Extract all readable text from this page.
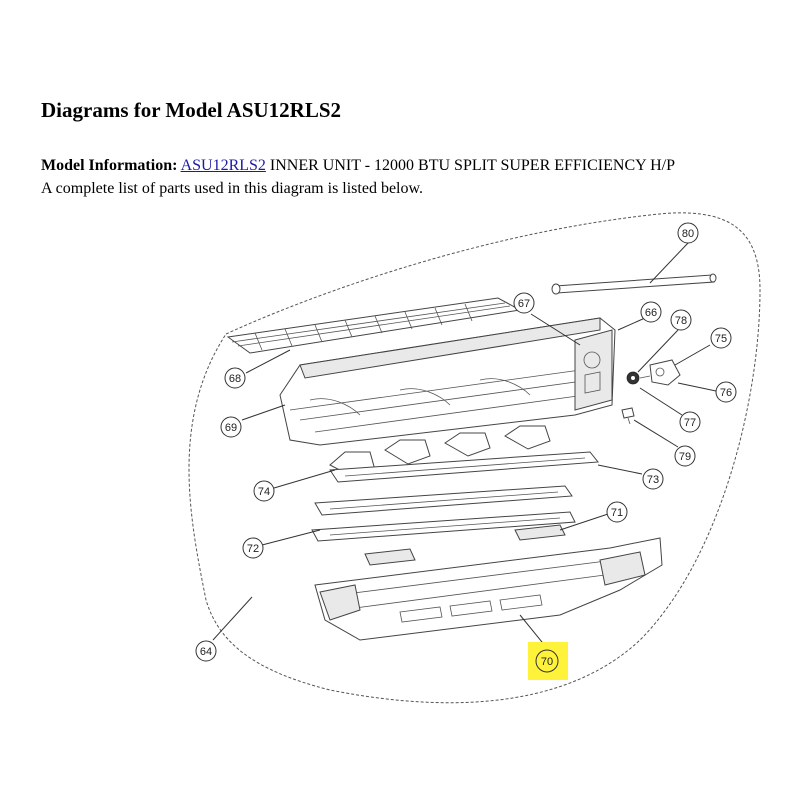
Diagrams for Model ASU12RLS2
Model Information: ASU12RLS2 INNER UNIT - 12000 BTU SPLIT SUPER EFFICIENCY H/P
A complete list of parts used in this diagram is listed below.
80
66
67
78
75
68
76
77
69
79
73
74
71
72
64
70
